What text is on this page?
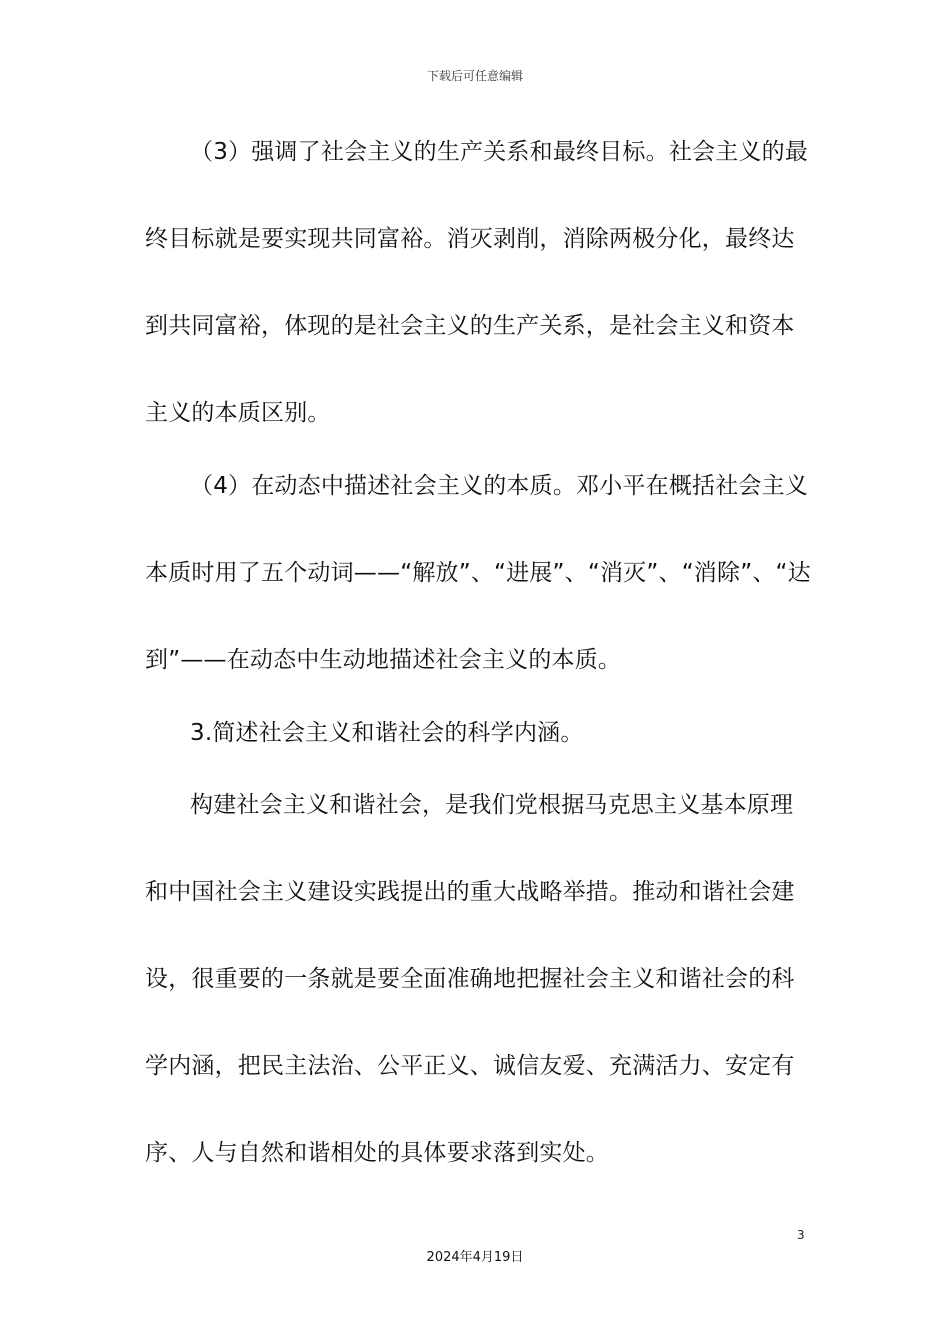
下载后可任意编辑
（3）强调了社会主义的生产关系和最终目标。社会主义的最
终目标就是要实现共同富裕。消灭剥削，消除两极分化，最终达
到共同富裕，体现的是社会主义的生产关系，是社会主义和资本
主义的本质区别。
（4）在动态中描述社会主义的本质。邓小平在概括社会主义
本质时用了五个动词——“解放”、“进展”、“消灭”、“消除”、“达
到”——在动态中生动地描述社会主义的本质。
3.简述社会主义和谐社会的科学内涵。
构建社会主义和谐社会，是我们党根据马克思主义基本原理
和中国社会主义建设实践提出的重大战略举措。推动和谐社会建
设，很重要的一条就是要全面准确地把握社会主义和谐社会的科
学内涵，把民主法治、公平正义、诚信友爱、充满活力、安定有
序、人与自然和谐相处的具体要求落到实处。
3
2024年4月19日
